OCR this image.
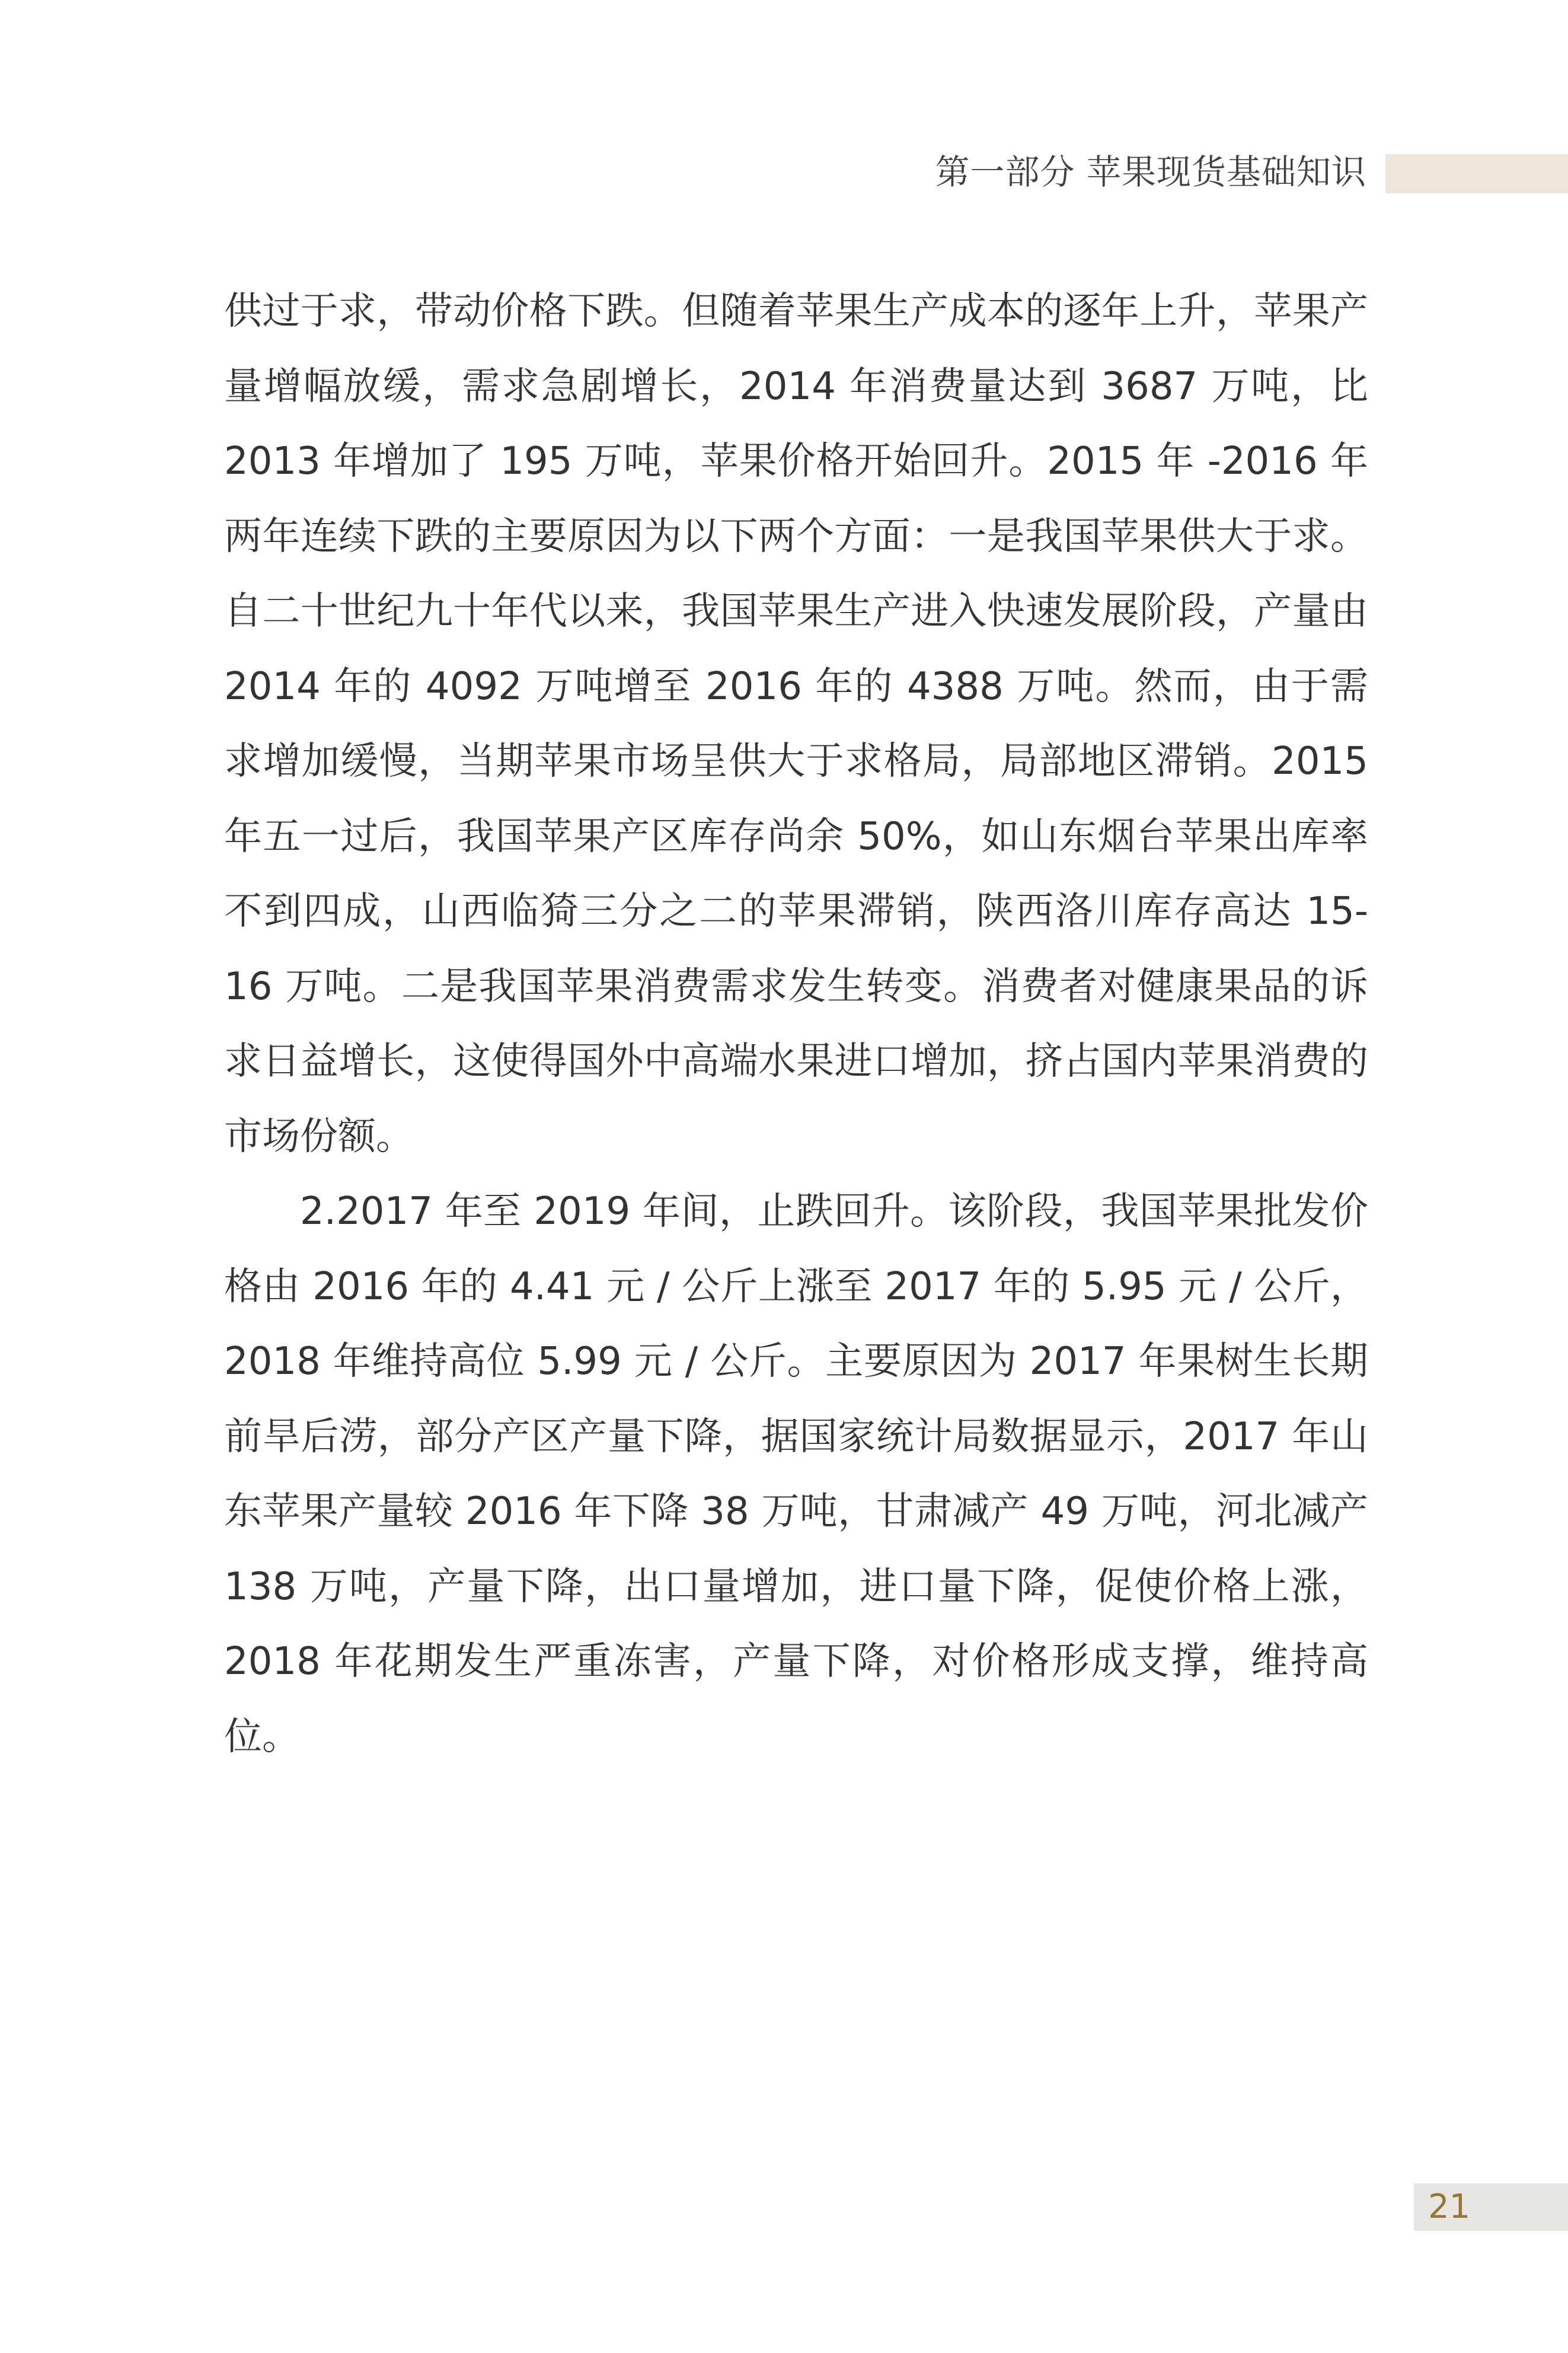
第一部分 苹果现货基础知识

供过于求，带动价格下跌。但随着苹果生产成本的逐年上升，苹果产量增幅放缓，需求急剧增长，2014 年消费量达到 3687 万吨，比 2013 年增加了 195 万吨，苹果价格开始回升。2015 年 -2016 年两年连续下跌的主要原因为以下两个方面：一是我国苹果供大于求。自二十世纪九十年代以来，我国苹果生产进入快速发展阶段，产量由 2014 年的 4092 万吨增至 2016 年的 4388 万吨。然而，由于需求增加缓慢，当期苹果市场呈供大于求格局，局部地区滞销。2015 年五一过后，我国苹果产区库存尚余 50%，如山东烟台苹果出库率不到四成，山西临猗三分之二的苹果滞销，陕西洛川库存高达 15-16 万吨。二是我国苹果消费需求发生转变。消费者对健康果品的诉求日益增长，这使得国外中高端水果进口增加，挤占国内苹果消费的市场份额。

2.2017 年至 2019 年间，止跌回升。该阶段，我国苹果批发价格由 2016 年的 4.41 元 / 公斤上涨至 2017 年的 5.95 元 / 公斤，2018 年维持高位 5.99 元 / 公斤。主要原因为 2017 年果树生长期前旱后涝，部分产区产量下降，据国家统计局数据显示，2017 年山东苹果产量较 2016 年下降 38 万吨，甘肃减产 49 万吨，河北减产 138 万吨，产量下降，出口量增加，进口量下降，促使价格上涨，2018 年花期发生严重冻害，产量下降，对价格形成支撑，维持高位。

21
